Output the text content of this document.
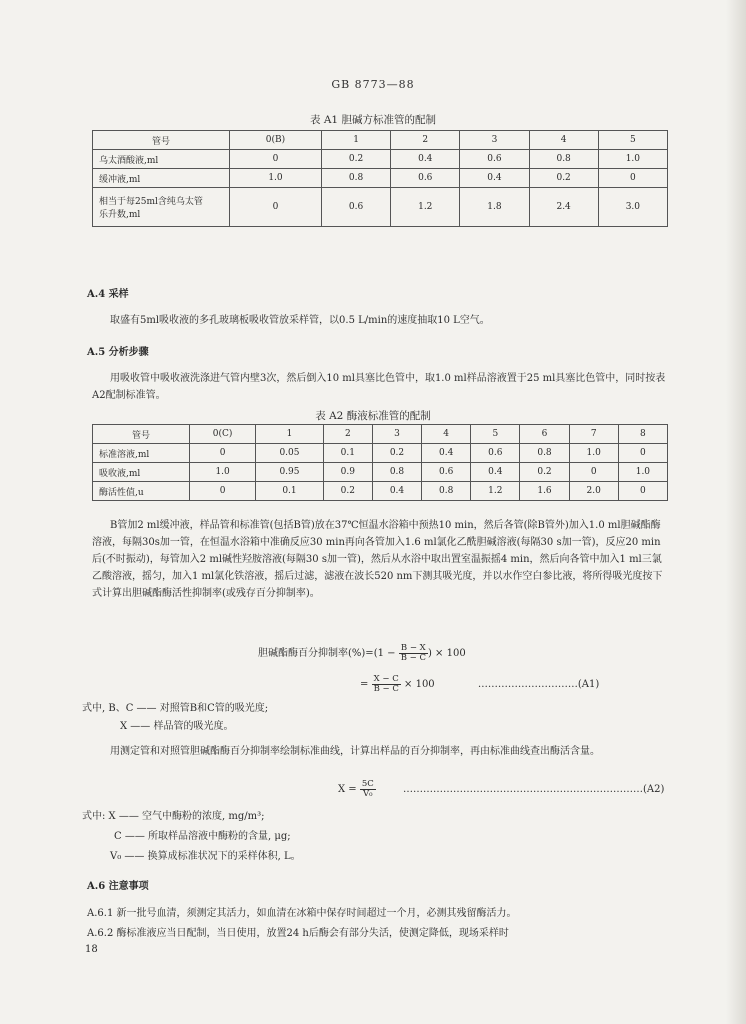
GB 8773—88
表 A1 胆碱方标准管的配制
管号	0(B)	1	2	3	4	5
乌太酒酸液,ml	0	0.2	0.4	0.6	0.8	1.0
缓冲液,ml	1.0	0.8	0.6	0.4	0.2	0
相当于每25ml含纯乌太管
乐升数,ml	0	0.6	1.2	1.8	2.4	3.0
A.4 采样
取盛有5ml吸收液的多孔玻璃板吸收管放采样管，以0.5 L/min的速度抽取10 L空气。
A.5 分析步骤
用吸收管中吸收液洗涤进气管内壁3次，然后倒入10 ml具塞比色管中，取1.0 ml样品溶液置于25 ml具塞比色管中，同时按表A2配制标准管。
表 A2 酶液标准管的配制
管号	0(C)	1	2	3	4	5	6	7	8
标准溶液,ml	0	0.05	0.1	0.2	0.4	0.6	0.8	1.0	0
吸收液,ml	1.0	0.95	0.9	0.8	0.6	0.4	0.2	0	1.0
酶活性值,u	0	0.1	0.2	0.4	0.8	1.2	1.6	2.0	0
B管加2 ml缓冲液，样品管和标准管(包括B管)放在37℃恒温水浴箱中预热10 min，然后各管(除B管外)加入1.0 ml胆碱酯酶溶液，每隔30s加一管，在恒温水浴箱中准确反应30 min再向各管加入1.6 ml氯化乙酰胆碱溶液(每隔30 s加一管)，反应20 min后(不时振动)，每管加入2 ml碱性羟胺溶液(每隔30 s加一管)，然后从水浴中取出置室温振摇4 min，然后向各管中加入1 ml三氯乙酸溶液，摇匀，加入1 ml氯化铁溶液，摇后过滤，滤液在波长520 nm下测其吸光度，并以水作空白参比液，将所得吸光度按下式计算出胆碱酯酶活性抑制率(或残存百分抑制率)。
胆碱酯酶百分抑制率$(\%)=(1 - \frac{B - X}{B - C}$ ) × 100
= $\frac{X - C}{B - C} \times 100$	…………………………(A1)
式中, B、C —— 对照管B和C管的吸光度;
X —— 样品管的吸光度。
用测定管和对照管胆碱酯酶百分抑制率绘制标准曲线，计算出样品的百分抑制率，再由标准曲线查出酶活含量。
$X = \frac{5C}{\text{V₀}}$	………………………………………………………………(A2)
式中: X —— 空气中酶粉的浓度, mg/m³;
C —— 所取样品溶液中酶粉的含量, μg;
V₀ —— 换算成标准状况下的采样体积, L。
A.6 注意事项
A.6.1 新一批号血清，须测定其活力，如血清在冰箱中保存时间超过一个月，必测其残留酶活力。
A.6.2 酶标准液应当日配制，当日使用，放置24 h后酶会有部分失活，使测定降低，现场采样时
18
